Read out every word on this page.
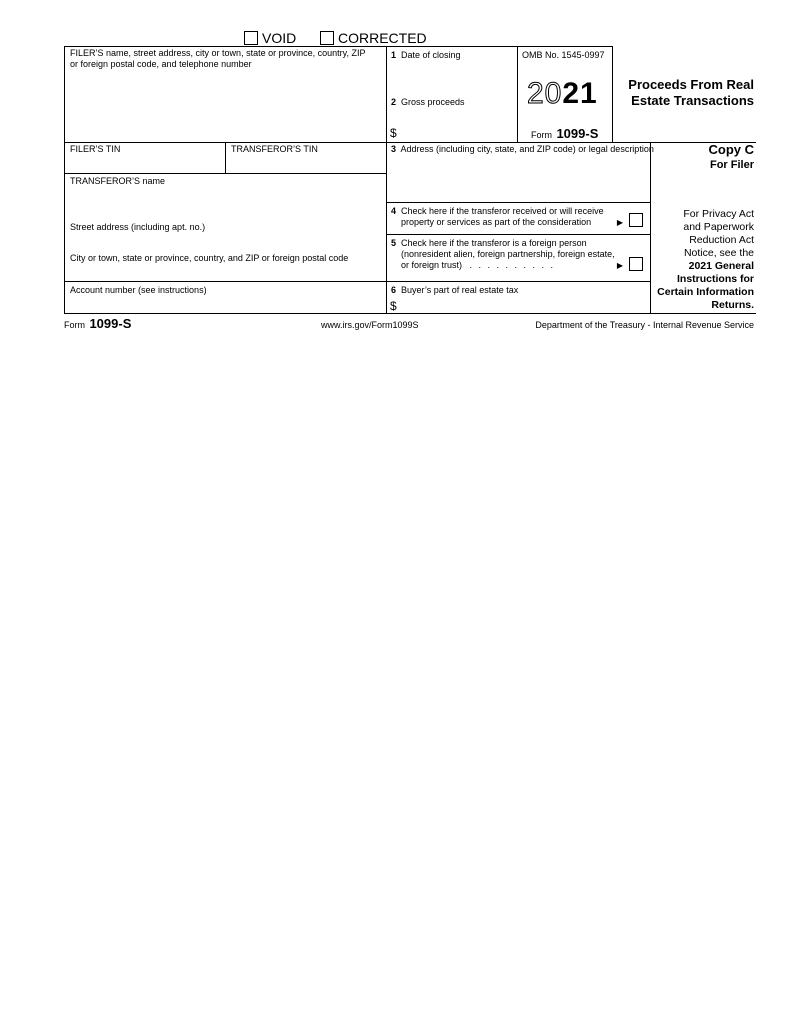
VOID	CORRECTED
FILER’S name, street address, city or town, state or province, country, ZIP or foreign postal code, and telephone number
FILER’S TIN	TRANSFEROR’S TIN
TRANSFEROR’S name
Street address (including apt. no.)
City or town, state or province, country, and ZIP or foreign postal code
Account number (see instructions)
1 Date of closing	OMB No. 1545-0997
2021
2 Gross proceeds
$	Form 1099-S
Proceeds From Real
Estate Transactions
3 Address (including city, state, and ZIP code) or legal description	Copy C
For Filer
4 Check here if the transferor received or will receive
property or services as part of the consideration	▶
5 Check here if the transferor is a foreign person
(nonresident alien, foreign partnership, foreign estate,
or foreign trust) . . . . . . . . . .	▶
For Privacy Act
and Paperwork
Reduction Act
Notice, see the
2021 General
Instructions for
Certain Information
Returns.
6 Buyer’s part of real estate tax
$
Form 1099-S	www.irs.gov/Form1099S	Department of the Treasury - Internal Revenue Service
